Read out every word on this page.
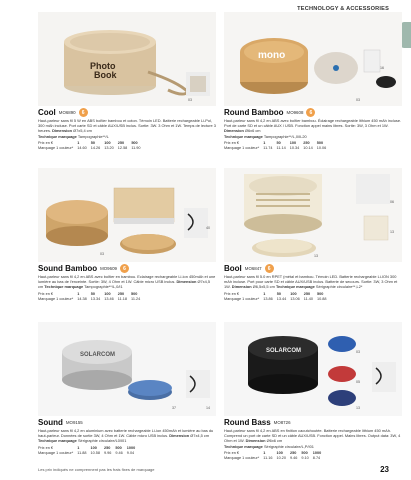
TECHNOLOGY & ACCESSORIES
Photo
Book
03
Cool MO6890	6
Haut-parleur sans fil 5 W en ABS boîtier bambou et coton. Témoin LED. Batterie rechargeable Li-Pol, 300 mAh incluse. Port carte SD et câble AUX/USB inclus. Sortie: 3W. 3 Ohm et 1W. Temps de lecture 3 heures. Dimension Ø7x5,4 cm
Technique marquage Tampographie**/L
Prix en €	1	50	100	250	500
Marquage 1 couleur*	14.60	14.26	13.20	12.58	11.90
mono
16
03
Round Bamboo MO9608	6
Haut-parleur sans fil 4,2 en ABS avec boîtier bambou. Éclairage rechargeable lithium 450 mAh incluse. Port de carte SD et un câble AUX / USB. Fonction appel mains libres. Sortie: 3W, 3 Ohm et 1W. Dimension Ø6x6 cm
Technique marquage Tampographie**/L,0/IL20
Prix en €	1	50	100	250	500
Marquage 1 couleur*	11.74	11.14	10.34	10.14	10.06
40
03
Sound Bamboo MO9609	6
Haut-parleur sans fil 4,2 en ABS avec boîtier en bambou. Eclairage rechargeable Li-ion 450mAh et une lumière au bas de l'enceinte. Sortie: 3W, 4 Ohm et 1W. Câble micro USB inclus. Dimension Ø7x4,5 cm Technique marquage Tampographie**/L,0/I1
Prix en €	1	50	100	250	500
Marquage 1 couleur*	14.38	13.34	13.46	11.18	11.24
06
13
13
Bool MO6847	6
Haut-parleur sans fil 5.0 en RPET (métal et bambou. Témoin LED. Batterie rechargeable Li-ION 300 mAh incluse. Port pour carte SD et câble AUX/USB inclus. Batterie de secours. Sortie: 3W, 3 Ohm et 1W. Dimension Ø6,5x5,5 cm Technique marquage Sérigraphie circulaire**,L2*
Prix en €	1	50	100	250	500
Marquage 1 couleur*	13.86	13.44	13.06	11.40	10.88
SOLARCOM
37	14
Sound MO9155
Haut-parleur sans fil 4,2 en aluminium avec batterie rechargeable Li-ion 450mAh et lumière au bas du haut-parleur. Données de sortie 3W, 4 Ohm et 1W. Câble micro USB inclus. Dimension Ø7x4,5 cm Technique marquage Sérigraphie circulaire/L0/I01
Prix en €	1	100	250	500	1000
Marquage 1 couleur*	11.88	10.58	9.96	9.46	9.04
SOLARCOM	03
05
13
Round Bass MO8726
Haut-parleur sans fil 4,2 en ABS en finition caoutchoutée. Batterie rechargeable lithium 450 mAh. Comprend un port de carte SD et un câble AUX/USB. Fonction appel. Mains libres. Output data: 3W, 4 Ohm et 1W. Dimension Ø6x6 cm
Technique marquage Sérigraphie circulaire/L,P/I01
Prix en €	1	100	250	500	1000
Marquage 1 couleur*	11.16	10.20	9.46	9.10	8.74
Les prix indiqués ne comprennent pas les frais fixes de marquage	23
